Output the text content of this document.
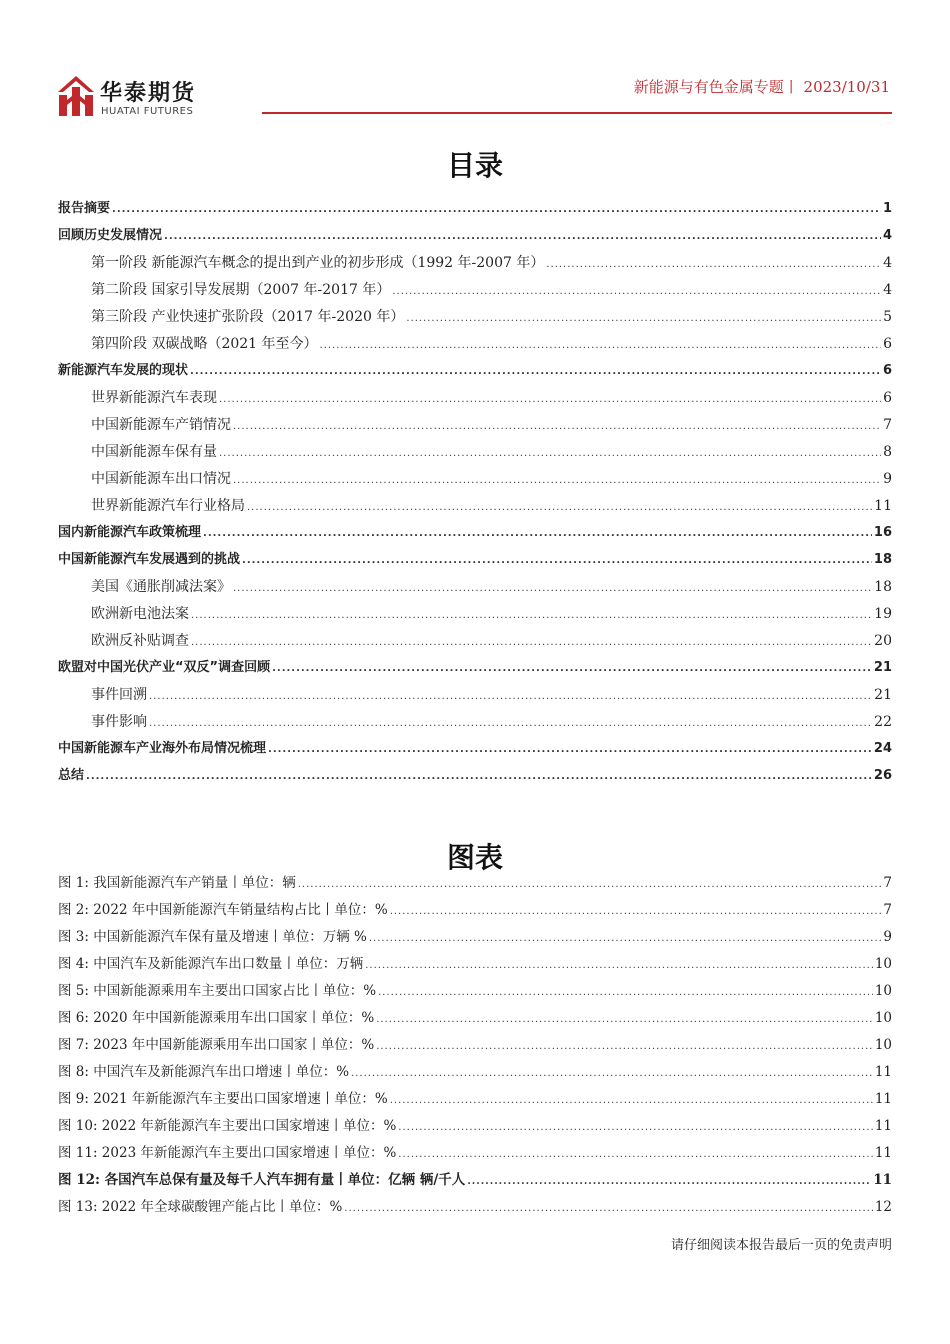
华泰期货
HUATAI FUTURES
新能源与有色金属专题丨 2023/10/31
目录
报告摘要 .....	1
回顾历史发展情况 .....	4
第一阶段 新能源汽车概念的提出到产业的初步形成（1992 年-2007 年） .....	4
第二阶段 国家引导发展期（2007 年-2017 年） .....	4
第三阶段 产业快速扩张阶段（2017 年-2020 年） .....	5
第四阶段 双碳战略（2021 年至今） .....	6
新能源汽车发展的现状 .....	6
世界新能源汽车表现 .....	6
中国新能源车产销情况 .....	7
中国新能源车保有量 .....	8
中国新能源车出口情况 .....	9
世界新能源汽车行业格局 .....	11
国内新能源汽车政策梳理 .....	16
中国新能源汽车发展遇到的挑战 .....	18
美国《通胀削减法案》 .....	18
欧洲新电池法案 .....	19
欧洲反补贴调查 .....	20
欧盟对中国光伏产业“双反”调查回顾 .....	21
事件回溯 .....	21
事件影响 .....	22
中国新能源车产业海外布局情况梳理 .....	24
总结 .....	26
图表
图 1: 我国新能源汽车产销量丨单位：辆 .....	7
图 2: 2022 年中国新能源汽车销量结构占比丨单位：% .....	7
图 3: 中国新能源汽车保有量及增速丨单位：万辆 % .....	9
图 4: 中国汽车及新能源汽车出口数量丨单位：万辆 .....	10
图 5: 中国新能源乘用车主要出口国家占比丨单位：% .....	10
图 6: 2020 年中国新能源乘用车出口国家丨单位：% .....	10
图 7: 2023 年中国新能源乘用车出口国家丨单位：% .....	10
图 8: 中国汽车及新能源汽车出口增速丨单位：% .....	11
图 9: 2021 年新能源汽车主要出口国家增速丨单位：% .....	11
图 10: 2022 年新能源汽车主要出口国家增速丨单位：% .....	11
图 11: 2023 年新能源汽车主要出口国家增速丨单位：% .....	11
图 12: 各国汽车总保有量及每千人汽车拥有量丨单位：亿辆 辆/千人 .....	11
图 13: 2022 年全球碳酸锂产能占比丨单位：% .....	12
请仔细阅读本报告最后一页的免责声明
